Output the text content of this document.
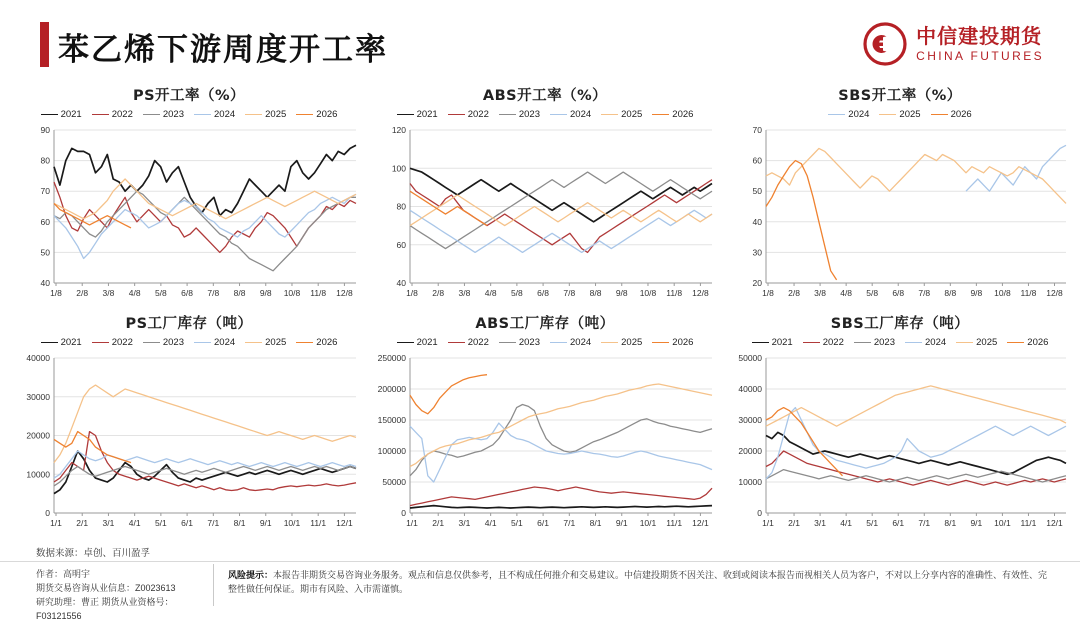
苯乙烯下游周度开工率	中信建投期货
CHINA FUTURES
PS开工率（%）
2021	2022	2023	2024	2025	2026
40
50
60
70
80
90
1/8 2/8 3/8 4/8 5/8 6/8 7/8 8/8 9/8 10/8 11/8 12/8
ABS开工率（%）
2021	2022	2023	2024	2025	2026
40
60
80
100
120
1/8 2/8 3/8 4/8 5/8 6/8 7/8 8/8 9/8 10/8 11/8 12/8
SBS开工率（%）
2024	2025	2026
20
30
40
50
60
70
1/8 2/8 3/8 4/8 5/8 6/8 7/8 8/8 9/8 10/8 11/8 12/8
PS工厂库存（吨）
2021	2022	2023	2024	2025	2026
0
10000
20000
30000
40000
1/1 2/1 3/1 4/1 5/1 6/1 7/1 8/1 9/1 10/1 11/1 12/1
ABS工厂库存（吨）
2021	2022	2023	2024	2025	2026
0
50000
100000
150000
200000
250000
1/1 2/1 3/1 4/1 5/1 6/1 7/1 8/1 9/1 10/1 11/1 12/1
SBS工厂库存（吨）
2021	2022	2023	2024	2025	2026
0
10000
20000
30000
40000
50000
1/1 2/1 3/1 4/1 5/1 6/1 7/1 8/1 9/1 10/1 11/1 12/1
数据来源：卓创、百川盈孚
作者：高明宇
期货交易咨询从业信息：Z0023613
研究助理：曹正 期货从业资格号：F03121556
风险提示：本报告非期货交易咨询业务服务。观点和信息仅供参考，且不构成任何推介和交易建议。中信建投期货不因关注、收到或阅读本报告而视相关人员为客户，不对以上分享内容的准确性、有效性、完整性做任何保证。期市有风险、入市需谨慎。
